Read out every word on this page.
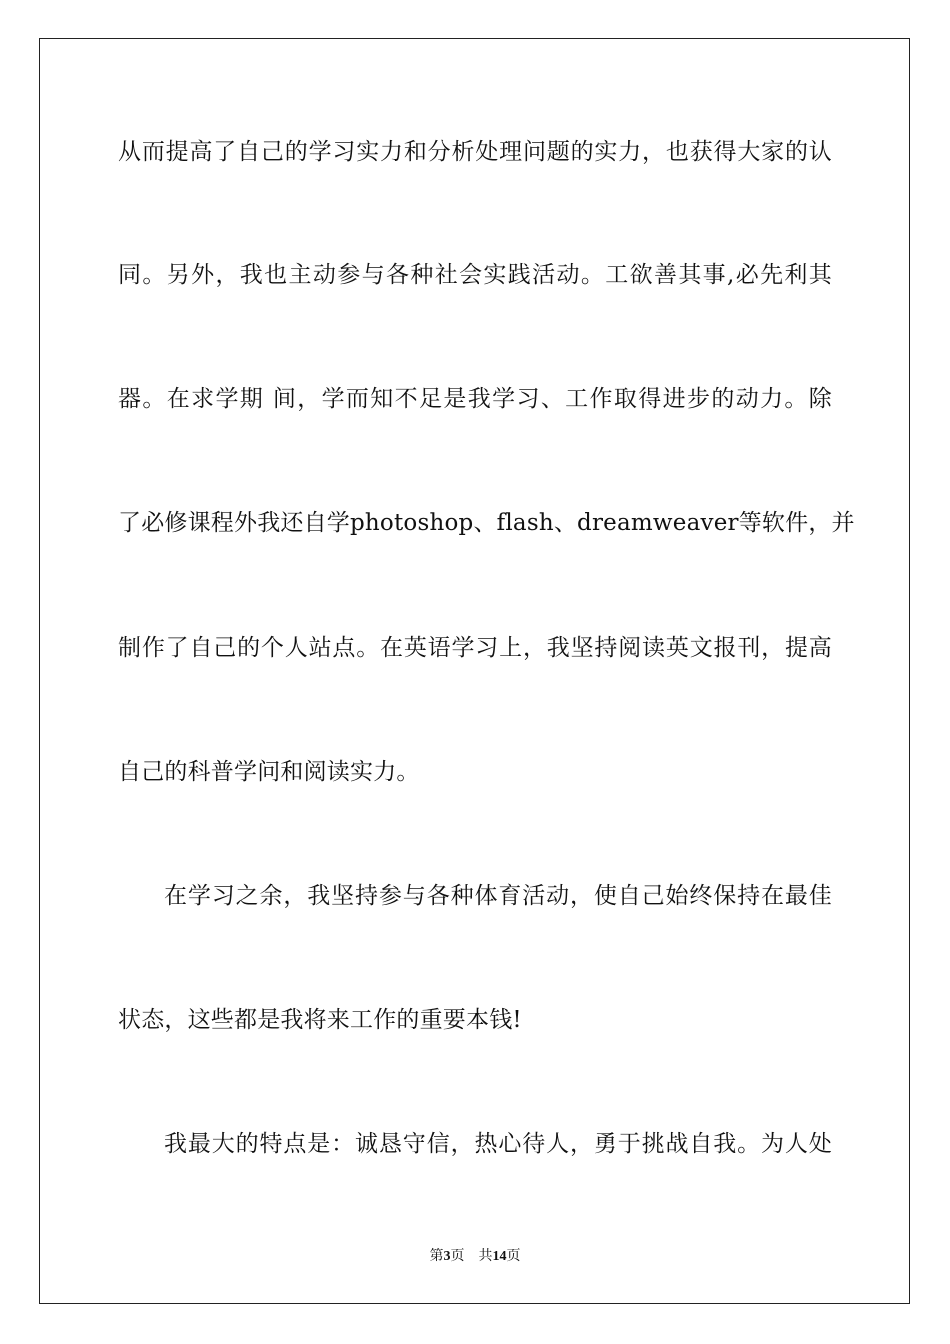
从而提高了自己的学习实力和分析处理问题的实力，也获得大家的认
同。另外，我也主动参与各种社会实践活动。工欲善其事,必先利其
器。在求学期 间，学而知不足是我学习、工作取得进步的动力。除
了必修课程外我还自学photoshop、flash、dreamweaver等软件，并
制作了自己的个人站点。在英语学习上，我坚持阅读英文报刊，提高
自己的科普学问和阅读实力。
在学习之余，我坚持参与各种体育活动，使自己始终保持在最佳
状态，这些都是我将来工作的重要本钱!
我最大的特点是：诚恳守信，热心待人，勇于挑战自我。为人处
第3页 共14页
